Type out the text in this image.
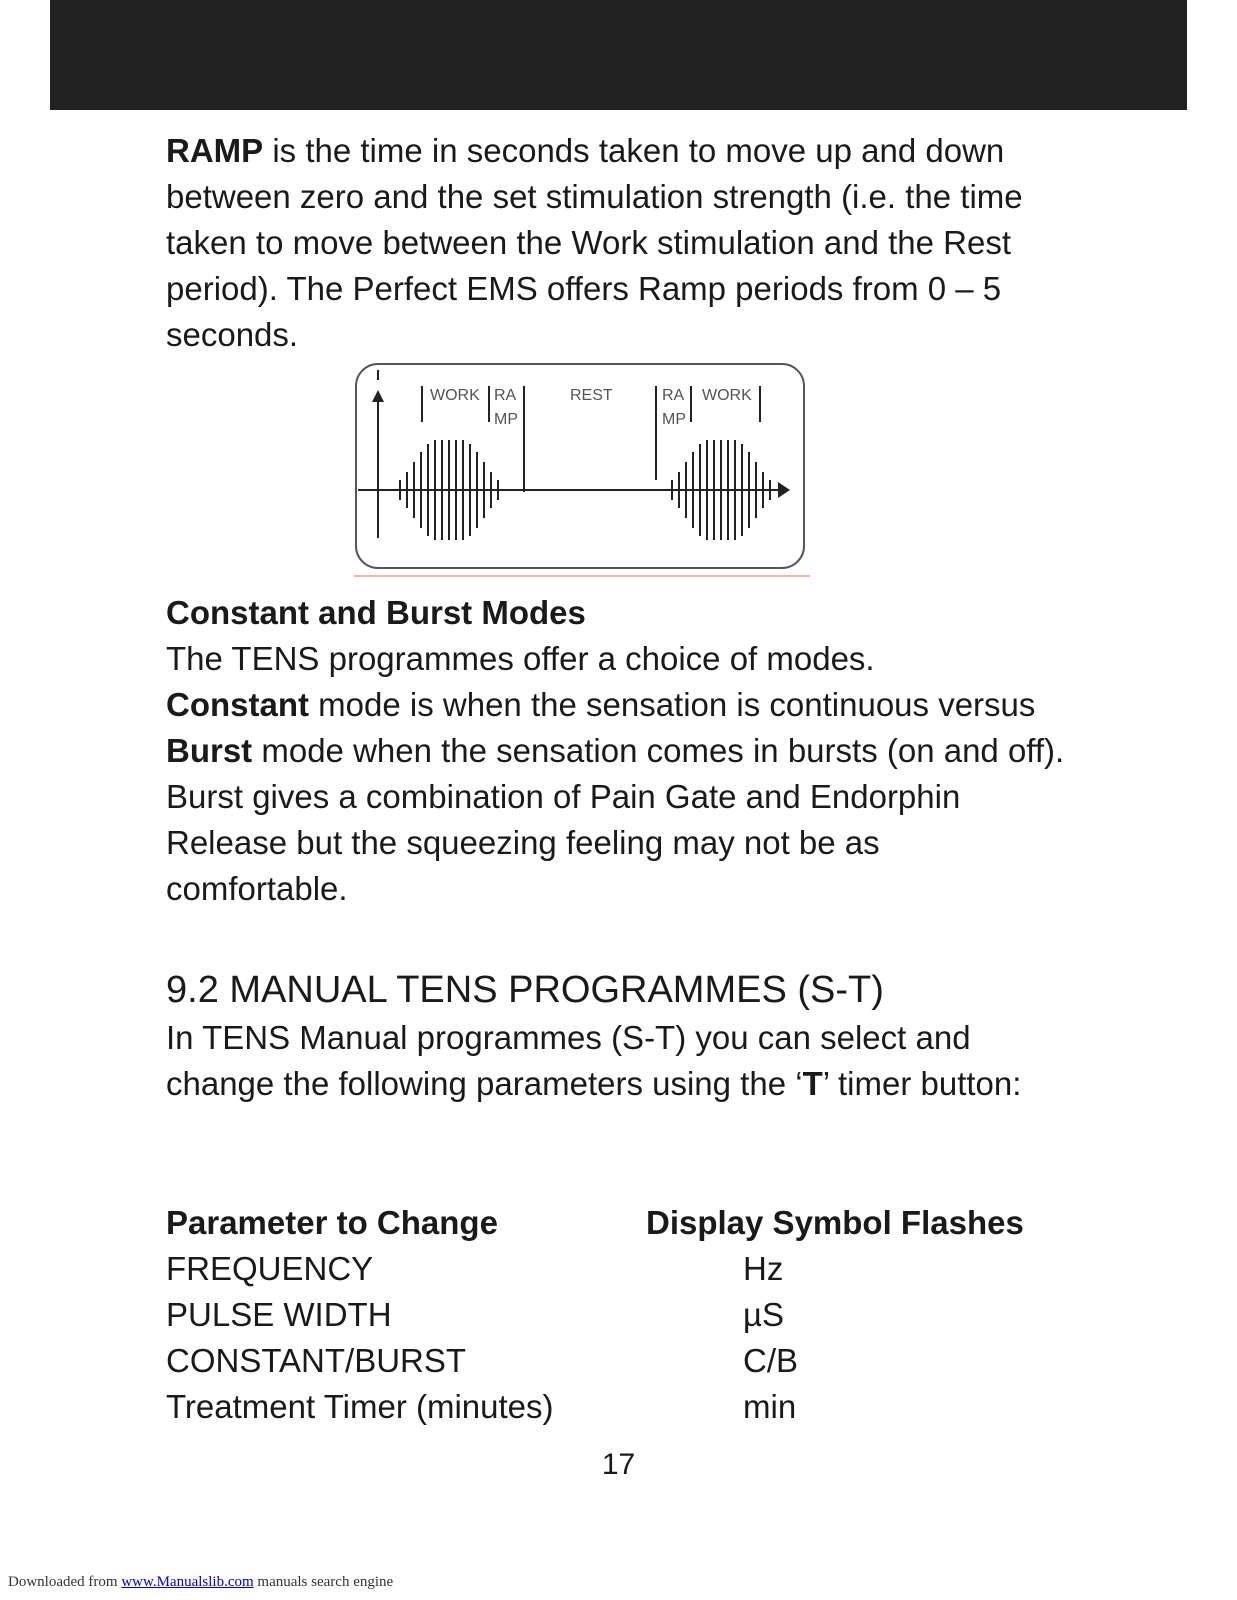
RAMP is the time in seconds taken to move up and down between zero and the set stimulation strength (i.e. the time taken to move between the Work stimulation and the Rest period). The Perfect EMS offers Ramp periods from 0 – 5 seconds.

WORK RA
MP
REST	RA
MP
WORK

Constant and Burst Modes

The TENS programmes offer a choice of modes.

Constant mode is when the sensation is continuous versus Burst mode when the sensation comes in bursts (on and off). Burst gives a combination of Pain Gate and Endorphin Release but the squeezing feeling may not be as comfortable.

9.2 MANUAL TENS PROGRAMMES (S-T)

In TENS Manual programmes (S-T) you can select and change the following parameters using the ‘T’ timer button:

Parameter to Change	Display Symbol Flashes
FREQUENCY	Hz
PULSE WIDTH	µS
CONSTANT/BURST	C/B
Treatment Timer (minutes)	min
17
Downloaded from www.Manualslib.com manuals search engine
